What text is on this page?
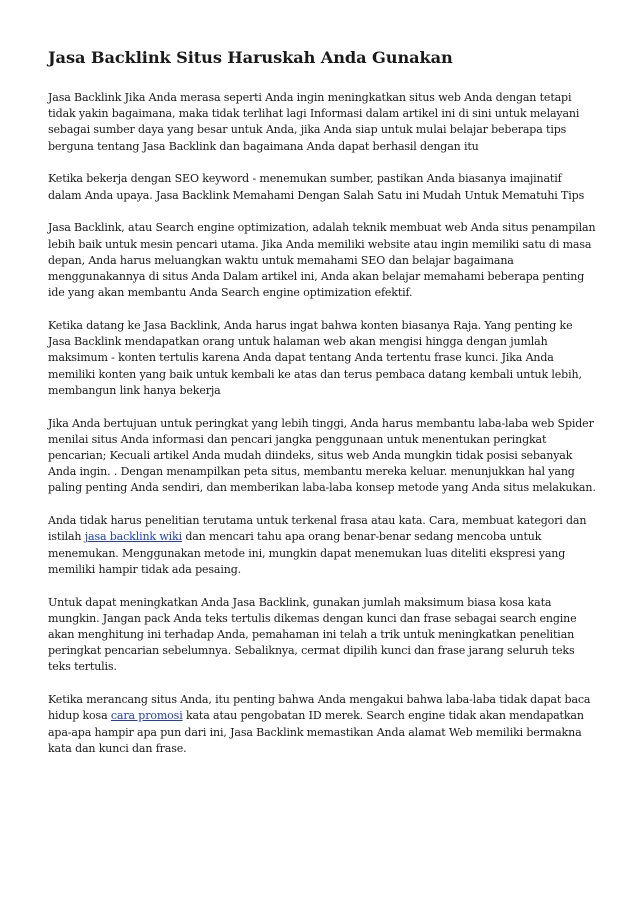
Jasa Backlink Situs Haruskah Anda Gunakan

Jasa Backlink Jika Anda merasa seperti Anda ingin meningkatkan situs web Anda dengan tetapi tidak yakin bagaimana, maka tidak terlihat lagi Informasi dalam artikel ini di sini untuk melayani sebagai sumber daya yang besar untuk Anda, jika Anda siap untuk mulai belajar beberapa tips berguna tentang Jasa Backlink dan bagaimana Anda dapat berhasil dengan itu

Ketika bekerja dengan SEO keyword - menemukan sumber, pastikan Anda biasanya imajinatif dalam Anda upaya. Jasa Backlink Memahami Dengan Salah Satu ini Mudah Untuk Mematuhi Tips

Jasa Backlink, atau Search engine optimization, adalah teknik membuat web Anda situs penampilan lebih baik untuk mesin pencari utama. Jika Anda memiliki website atau ingin memiliki satu di masa depan, Anda harus meluangkan waktu untuk memahami SEO dan belajar bagaimana menggunakannya di situs Anda Dalam artikel ini, Anda akan belajar memahami beberapa penting ide yang akan membantu Anda Search engine optimization efektif.

Ketika datang ke Jasa Backlink, Anda harus ingat bahwa konten biasanya Raja. Yang penting ke Jasa Backlink mendapatkan orang untuk halaman web akan mengisi hingga dengan jumlah maksimum - konten tertulis karena Anda dapat tentang Anda tertentu frase kunci. Jika Anda memiliki konten yang baik untuk kembali ke atas dan terus pembaca datang kembali untuk lebih, membangun link hanya bekerja

Jika Anda bertujuan untuk peringkat yang lebih tinggi, Anda harus membantu laba-laba web Spider menilai situs Anda informasi dan pencari jangka penggunaan untuk menentukan peringkat pencarian; Kecuali artikel Anda mudah diindeks, situs web Anda mungkin tidak posisi sebanyak Anda ingin. . Dengan menampilkan peta situs, membantu mereka keluar. menunjukkan hal yang paling penting Anda sendiri, dan memberikan laba-laba konsep metode yang Anda situs melakukan.

Anda tidak harus penelitian terutama untuk terkenal frasa atau kata. Cara, membuat kategori dan istilah jasa backlink wiki dan mencari tahu apa orang benar-benar sedang mencoba untuk menemukan. Menggunakan metode ini, mungkin dapat menemukan luas diteliti ekspresi yang memiliki hampir tidak ada pesaing.

Untuk dapat meningkatkan Anda Jasa Backlink, gunakan jumlah maksimum biasa kosa kata mungkin. Jangan pack Anda teks tertulis dikemas dengan kunci dan frase sebagai search engine akan menghitung ini terhadap Anda, pemahaman ini telah a trik untuk meningkatkan penelitian peringkat pencarian sebelumnya. Sebaliknya, cermat dipilih kunci dan frase jarang seluruh teks teks tertulis.

Ketika merancang situs Anda, itu penting bahwa Anda mengakui bahwa laba-laba tidak dapat baca hidup kosa cara promosi kata atau pengobatan ID merek. Search engine tidak akan mendapatkan apa-apa hampir apa pun dari ini, Jasa Backlink memastikan Anda alamat Web memiliki bermakna kata dan kunci dan frase.
